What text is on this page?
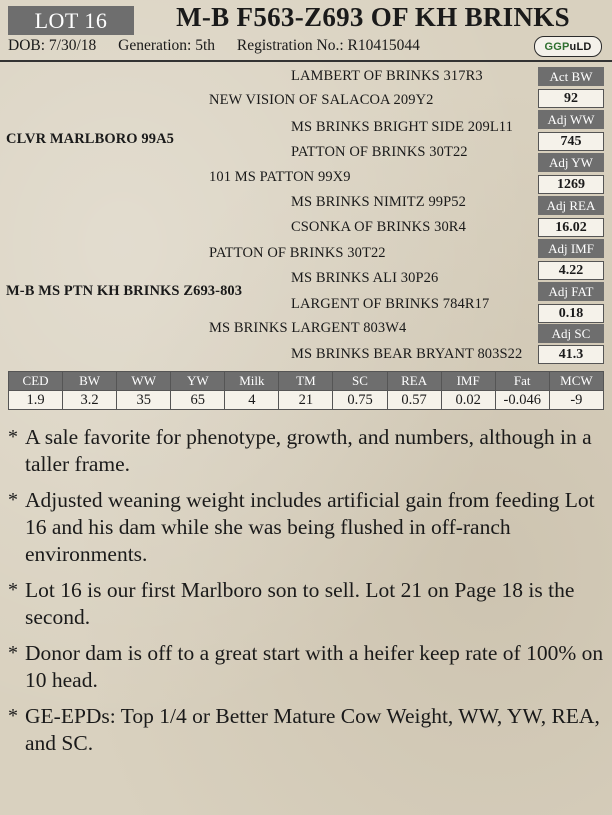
LOT 16	M-B F563-Z693 OF KH BRINKS
DOB: 7/30/18 Generation: 5th Registration No.: R10415044	GGP uLD
LAMBERT OF BRINKS 317R3
NEW VISION OF SALACOA 209Y2
MS BRINKS BRIGHT SIDE 209L11
CLVR MARLBORO 99A5
PATTON OF BRINKS 30T22
101 MS PATTON 99X9
MS BRINKS NIMITZ 99P52
CSONKA OF BRINKS 30R4
PATTON OF BRINKS 30T22
MS BRINKS ALI 30P26
M-B MS PTN KH BRINKS Z693-803
LARGENT OF BRINKS 784R17
MS BRINKS LARGENT 803W4
MS BRINKS BEAR BRYANT 803S22
Act BW
92
Adj WW
745
Adj YW
1269
Adj REA
16.02
Adj IMF
4.22
Adj FAT
0.18
Adj SC
41.3
CED	BW	WW	YW	Milk	TM	SC	REA	IMF	Fat	MCW
1.9	3.2	35	65	4	21	0.75	0.57	0.02	-0.046	-9
* A sale favorite for phenotype, growth, and numbers, although in a taller frame.
* Adjusted weaning weight includes artificial gain from feeding Lot 16 and his dam while she was being flushed in off-ranch environments.
* Lot 16 is our first Marlboro son to sell. Lot 21 on Page 18 is the second.
* Donor dam is off to a great start with a heifer keep rate of 100% on 10 head.
* GE-EPDs: Top 1/4 or Better Mature Cow Weight, WW, YW, REA, and SC.
